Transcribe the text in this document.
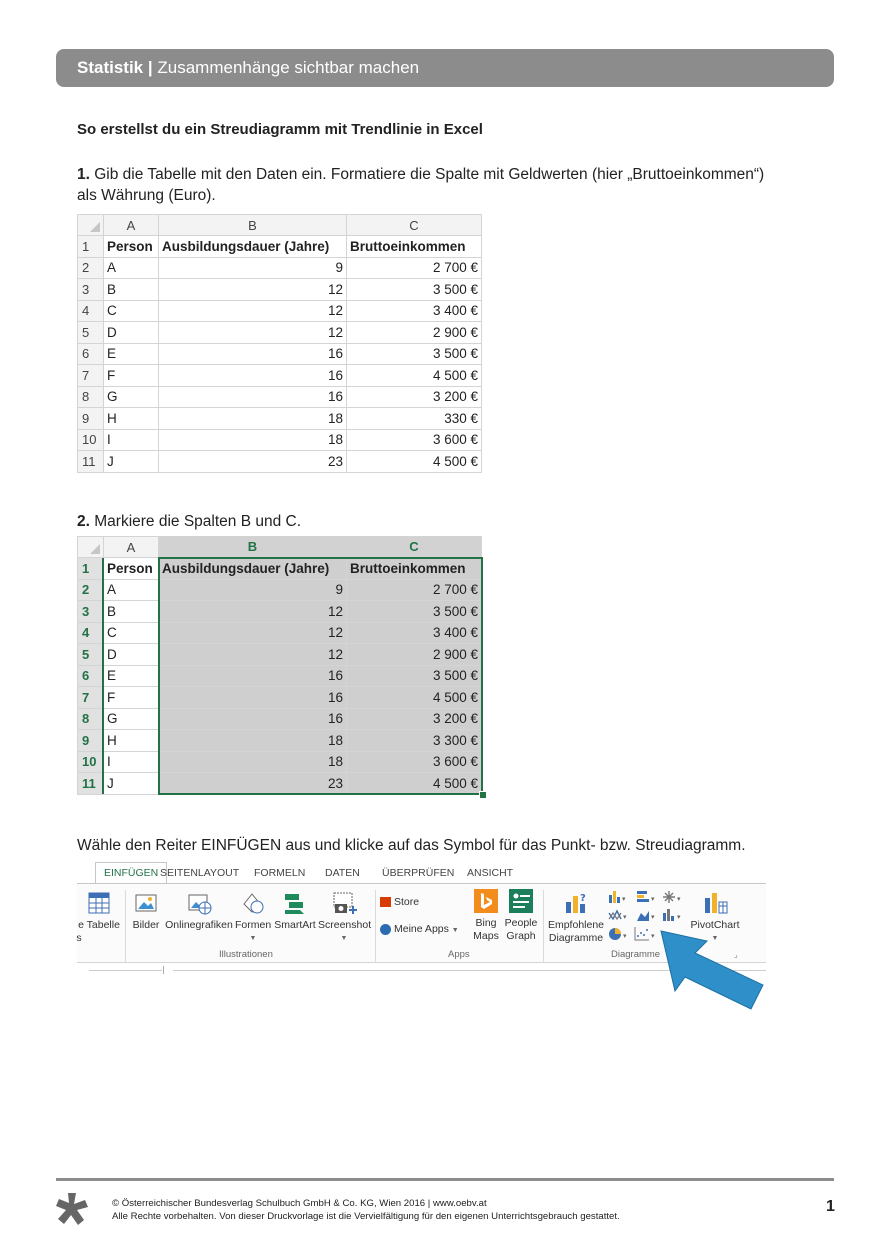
Statistik | Zusammenhänge sichtbar machen
So erstellst du ein Streudiagramm mit Trendlinie in Excel
1. Gib die Tabelle mit den Daten ein. Formatiere die Spalte mit Geldwerten (hier „Bruttoeinkommen“)
als Währung (Euro).
	A	B	C
1	Person	Ausbildungsdauer (Jahre)	Bruttoeinkommen
2	A	9	2 700 €
3	B	12	3 500 €
4	C	12	3 400 €
5	D	12	2 900 €
6	E	16	3 500 €
7	F	16	4 500 €
8	G	16	3 200 €
9	H	18	330 €
10	I	18	3 600 €
11	J	23	4 500 €
2. Markiere die Spalten B und C.
	A	B	C
1	Person	Ausbildungsdauer (Jahre)	Bruttoeinkommen
2	A	9	2 700 €
3	B	12	3 500 €
4	C	12	3 400 €
5	D	12	2 900 €
6	E	16	3 500 €
7	F	16	4 500 €
8	G	16	3 200 €
9	H	18	3 300 €
10	I	18	3 600 €
11	J	23	4 500 €
Wähle den Reiter EINFÜGEN aus und klicke auf das Symbol für das Punkt- bzw. Streudiagramm.
EINFÜGEN SEITENLAYOUT FORMELN DATEN ÜBERPRÜFEN ANSICHT
e Tabelle
s
Bilder Onlinegrafiken Formen
▼
SmartArt Screenshot
▼
Illustrationen
Store
Meine Apps ▼
Bing
Maps
People
Graph
Apps
?
Empfohlene
Diagramme
▾	▾	▾
▾	▾	▾
▾	▾
PivotChart
▼
Diagramme	⌟
© Österreichischer Bundesverlag Schulbuch GmbH & Co. KG, Wien 2016 | www.oebv.at
Alle Rechte vorbehalten. Von dieser Druckvorlage ist die Vervielfältigung für den eigenen Unterrichtsgebrauch gestattet.
1
